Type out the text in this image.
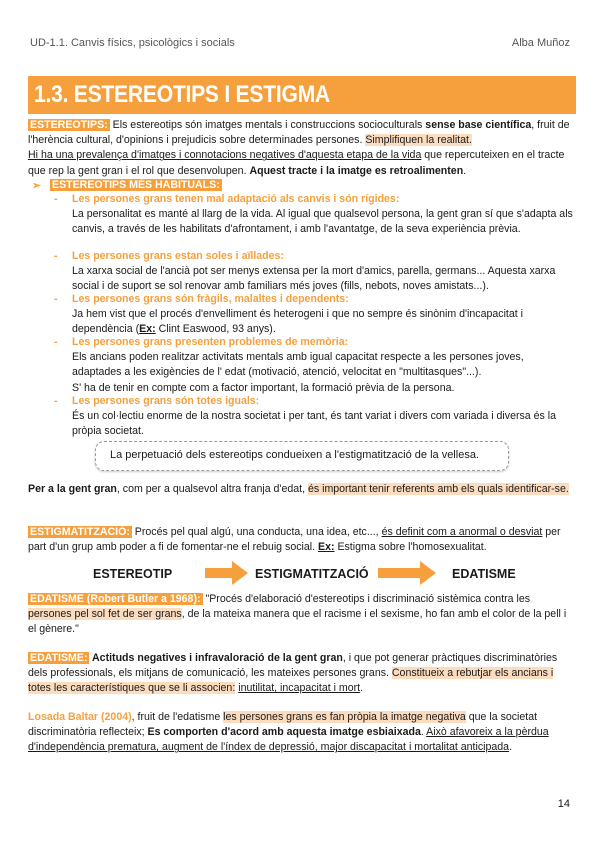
UD-1.1. Canvis físics, psicològics i socials	Alba Muñoz
1.3. ESTEREOTIPS I ESTIGMA
ESTEREOTIPS: Els estereotips són imatges mentals i construccions socioculturals sense base científica, fruit de l'herència cultural, d'opinions i prejudicis sobre determinades persones. Simplifiquen la realitat.
Hi ha una prevalença d'imatges i connotacions negatives d'aquesta etapa de la vida que repercuteixen en el tracte que rep la gent gran i el rol que desenvolupen. Aquest tracte i la imatge es retroalimenten.
➢ ESTEREOTIPS MÉS HABITUALS:
- Les persones grans tenen mal adaptació als canvis i són rígides:
La personalitat es manté al llarg de la vida. Al igual que qualsevol persona, la gent gran sí que s'adapta als canvis, a través de les habilitats d'afrontament, i amb l'avantatge, de la seva experiència prèvia.
- Les persones grans estan soles i aïllades:
La xarxa social de l'ancià pot ser menys extensa per la mort d'amics, parella, germans... Aquesta xarxa social i de suport se sol renovar amb familiars més joves (fills, nebots, noves amistats...).
- Les persones grans són fràgils, malaltes i dependents:
Ja hem vist que el procés d'envelliment és heterogeni i que no sempre és sinònim d'incapacitat i dependència (Ex: Clint Easwood, 93 anys).
- Les persones grans presenten problemes de memòria:
Els ancians poden realitzar activitats mentals amb igual capacitat respecte a les persones joves, adaptades a les exigències de l' edat (motivació, atenció, velocitat en "multitasques"...).
S' ha de tenir en compte com a factor important, la formació prèvia de la persona.
- Les persones grans són totes iguals:
És un col·lectiu enorme de la nostra societat i per tant, és tant variat i divers com variada i diversa és la pròpia societat.
La perpetuació dels estereotips condueixen a l'estigmatització de la vellesa.
Per a la gent gran, com per a qualsevol altra franja d'edat, és important tenir referents amb els quals identificar-se.
ESTIGMATITZACIÓ: Procés pel qual algú, una conducta, una idea, etc..., és definit com a anormal o desviat per part d'un grup amb poder a fi de fomentar-ne el rebuig social. Ex: Estigma sobre l'homosexualitat.
ESTEREOTIP	ESTIGMATITZACIÓ	EDATISME
EDATISME (Robert Butler a 1968): "Procés d'elaboració d'estereotips i discriminació sistèmica contra les persones pel sol fet de ser grans, de la mateixa manera que el racisme i el sexisme, ho fan amb el color de la pell i el gènere."
EDATISME: Actituds negatives i infravaloració de la gent gran, i que pot generar pràctiques discriminatòries dels professionals, els mitjans de comunicació, les mateixes persones grans. Constitueix a rebutjar els ancians i totes les característiques que se li associen: inutilitat, incapacitat i mort.
Losada Baltar (2004), fruit de l'edatisme les persones grans es fan pròpia la imatge negativa que la societat discriminatòria reflecteix; Es comporten d'acord amb aquesta imatge esbiaixada. Això afavoreix a la pèrdua d'independència prematura, augment de l'índex de depressió, major discapacitat i mortalitat anticipada.
14
